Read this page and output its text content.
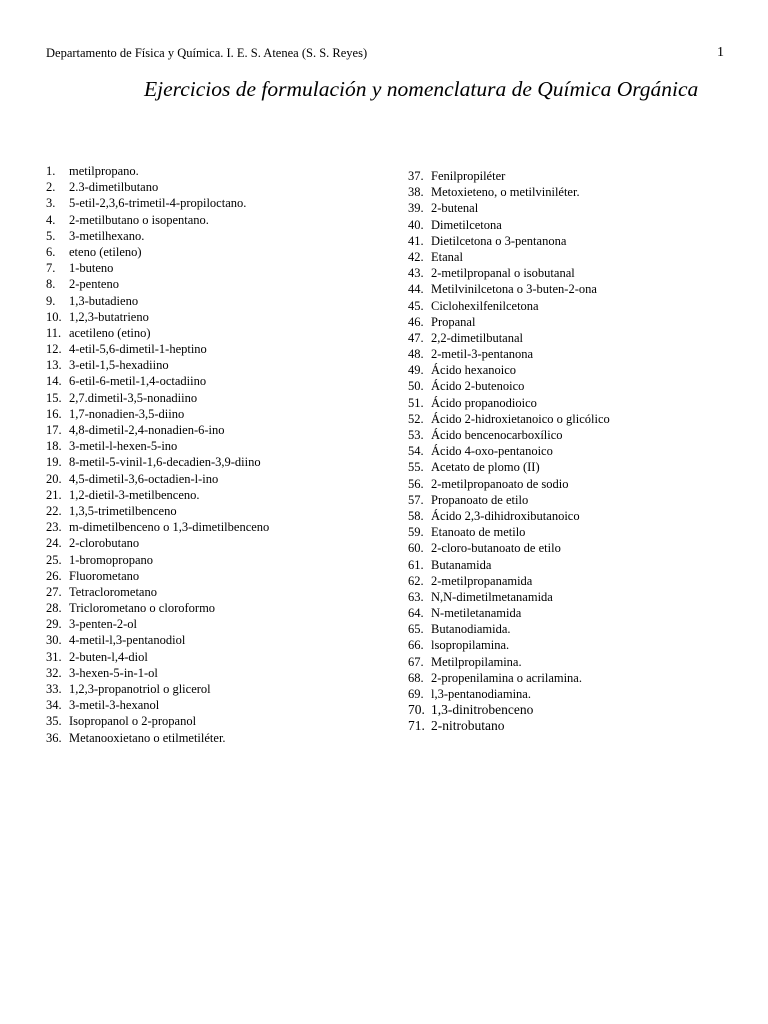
Departamento de Física y Química. I. E. S. Atenea (S. S. Reyes)	1
Ejercicios de formulación y nomenclatura de Química Orgánica
1. metilpropano.
2. 2.3-dimetilbutano
3. 5-etil-2,3,6-trimetil-4-propiloctano.
4. 2-metilbutano o isopentano.
5. 3-metilhexano.
6. eteno (etileno)
7. 1-buteno
8. 2-penteno
9. 1,3-butadieno
10. 1,2,3-butatrieno
11. acetileno (etino)
12. 4-etil-5,6-dimetil-1-heptino
13. 3-etil-1,5-hexadiino
14. 6-etil-6-metil-1,4-octadiino
15. 2,7.dimetil-3,5-nonadiino
16. 1,7-nonadien-3,5-diino
17. 4,8-dimetil-2,4-nonadien-6-ino
18. 3-metil-l-hexen-5-ino
19. 8-metil-5-vinil-1,6-decadien-3,9-diino
20. 4,5-dimetil-3,6-octadien-l-ino
21. 1,2-dietil-3-metilbenceno.
22. 1,3,5-trimetilbenceno
23. m-dimetilbenceno o 1,3-dimetilbenceno
24. 2-clorobutano
25. 1-bromopropano
26. Fluorometano
27. Tetraclorometano
28. Triclorometano o cloroformo
29. 3-penten-2-ol
30. 4-metil-l,3-pentanodiol
31. 2-buten-l,4-diol
32. 3-hexen-5-in-1-ol
33. 1,2,3-propanotriol o glicerol
34. 3-metil-3-hexanol
35. Isopropanol o 2-propanol
36. Metanooxietano o etilmetiléter.
37. Fenilpropiléter
38. Metoxieteno, o metilviniléter.
39. 2-butenal
40. Dimetilcetona
41. Dietilcetona o 3-pentanona
42. Etanal
43. 2-metilpropanal o isobutanal
44. Metilvinilcetona o 3-buten-2-ona
45. Ciclohexilfenilcetona
46. Propanal
47. 2,2-dimetilbutanal
48. 2-metil-3-pentanona
49. Ácido hexanoico
50. Ácido 2-butenoico
51. Ácido propanodioico
52. Ácido 2-hidroxietanoico o glicólico
53. Ácido bencenocarboxílico
54. Ácido 4-oxo-pentanoico
55. Acetato de plomo (II)
56. 2-metilpropanoato de sodio
57. Propanoato de etilo
58. Ácido 2,3-dihidroxibutanoico
59. Etanoato de metilo
60. 2-cloro-butanoato de etilo
61. Butanamida
62. 2-metilpropanamida
63. N,N-dimetilmetanamida
64. N-metiletanamida
65. Butanodiamida.
66. lsopropilamina.
67. Metilpropilamina.
68. 2-propenilamina o acrilamina.
69. l,3-pentanodiamina.
70. 1,3-dinitrobenceno
71. 2-nitrobutano
